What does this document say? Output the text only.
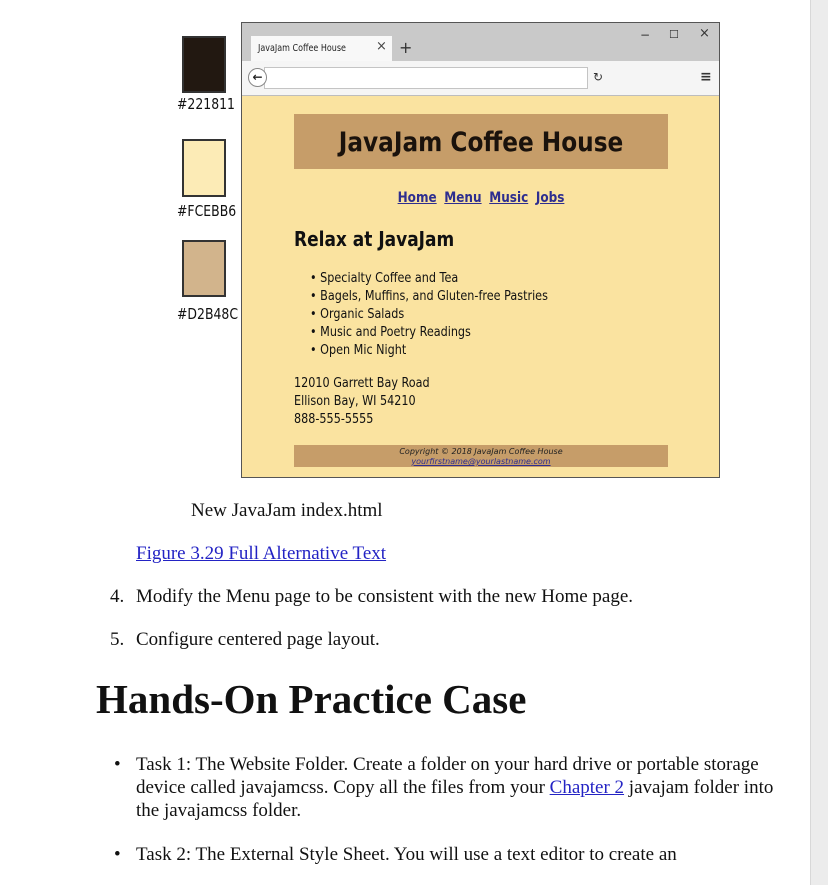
#221811
#FCEBB6
#D2B48C
JavaJam Coffee House × +
− ☐ ×
↻
←	≡
JavaJam Coffee House
Home Menu Music Jobs
Relax at JavaJam
• Specialty Coffee and Tea
• Bagels, Muffins, and Gluten-free Pastries
• Organic Salads
• Music and Poetry Readings
• Open Mic Night
12010 Garrett Bay Road
Ellison Bay, WI 54210
888-555-5555
Copyright © 2018 JavaJam Coffee House
yourfirstname@yourlastname.com
New JavaJam index.html
Figure 3.29 Full Alternative Text
4. Modify the Menu page to be consistent with the new Home page.
5. Configure centered page layout.
Hands-On Practice Case
• Task 1: The Website Folder. Create a folder on your hard drive or portable storage device called javajamcss. Copy all the files from your Chapter 2 javajam folder into the javajamcss folder.
• Task 2: The External Style Sheet. You will use a text editor to create an
